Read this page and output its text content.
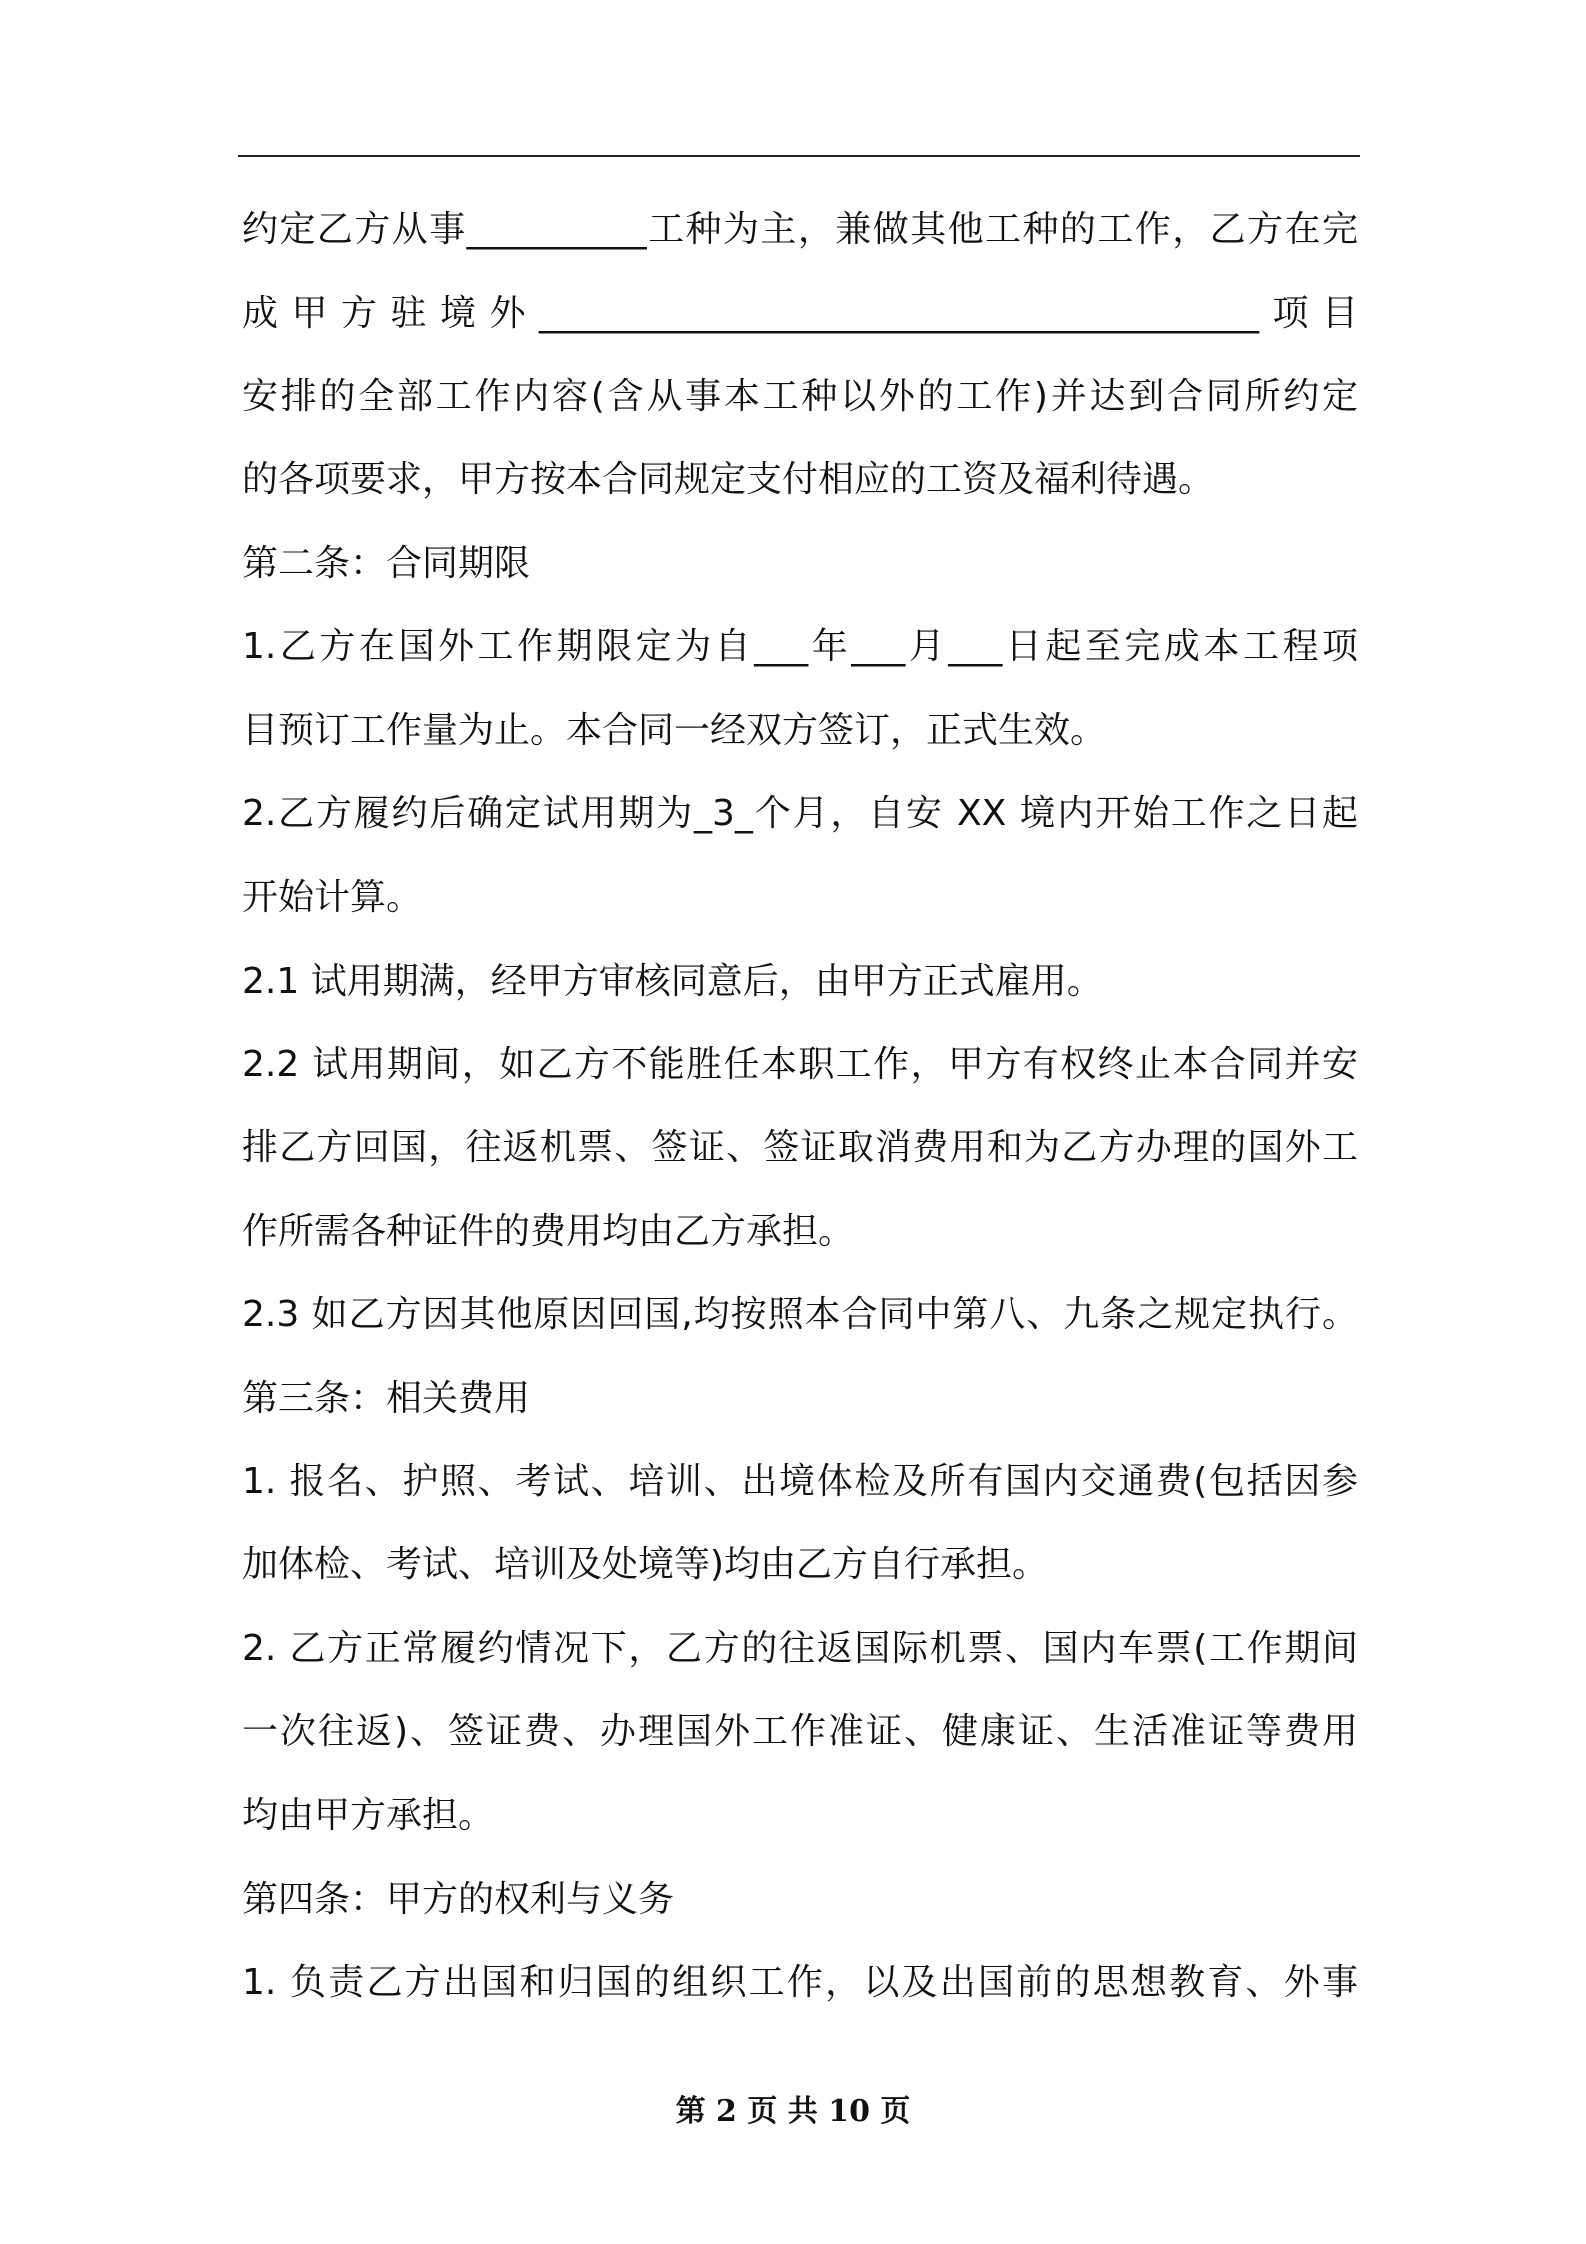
约定乙方从事__________工种为主，兼做其他工种的工作，乙方在完
成甲方驻境外________________________________________项目
安排的全部工作内容(含从事本工种以外的工作)并达到合同所约定
的各项要求，甲方按本合同规定支付相应的工资及福利待遇。
第二条：合同期限
1.乙方在国外工作期限定为自___年___月___日起至完成本工程项
目预订工作量为止。本合同一经双方签订，正式生效。
2.乙方履约后确定试用期为_3_个月，自安 XX 境内开始工作之日起
开始计算。
2.1 试用期满，经甲方审核同意后，由甲方正式雇用。
2.2 试用期间，如乙方不能胜任本职工作，甲方有权终止本合同并安
排乙方回国，往返机票、签证、签证取消费用和为乙方办理的国外工
作所需各种证件的费用均由乙方承担。
2.3 如乙方因其他原因回国,均按照本合同中第八、九条之规定执行。
第三条：相关费用
1. 报名、护照、考试、培训、出境体检及所有国内交通费(包括因参
加体检、考试、培训及处境等)均由乙方自行承担。
2. 乙方正常履约情况下，乙方的往返国际机票、国内车票(工作期间
一次往返)、签证费、办理国外工作准证、健康证、生活准证等费用
均由甲方承担。
第四条：甲方的权利与义务
1. 负责乙方出国和归国的组织工作，以及出国前的思想教育、外事
第 2 页 共 10 页
